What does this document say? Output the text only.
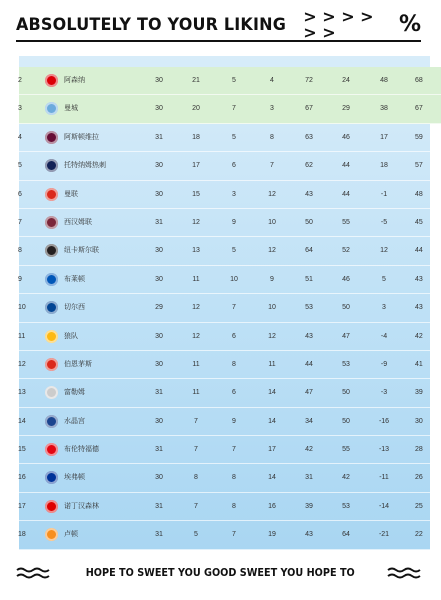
ABSOLUTELY TO YOUR LIKING > > > > > >	%
2	阿森纳	30	21	5	4	72	24	48	68
3	曼城	30	20	7	3	67	29	38	67
4	阿斯顿维拉	31	18	5	8	63	46	17	59
5	托特纳姆热刺	30	17	6	7	62	44	18	57
6	曼联	30	15	3	12	43	44	-1	48
7	西汉姆联	31	12	9	10	50	55	-5	45
8	纽卡斯尔联	30	13	5	12	64	52	12	44
9	布莱顿	30	11	10	9	51	46	5	43
10	切尔西	29	12	7	10	53	50	3	43
11	狼队	30	12	6	12	43	47	-4	42
12	伯恩茅斯	30	11	8	11	44	53	-9	41
13	富勒姆	31	11	6	14	47	50	-3	39
14	水晶宫	30	7	9	14	34	50	-16	30
15	布伦特福德	31	7	7	17	42	55	-13	28
16	埃弗顿	30	8	8	14	31	42	-11	26
17	诺丁汉森林	31	7	8	16	39	53	-14	25
18	卢顿	31	5	7	19	43	64	-21	22
HOPE TO SWEET YOU GOOD SWEET YOU HOPE TO
